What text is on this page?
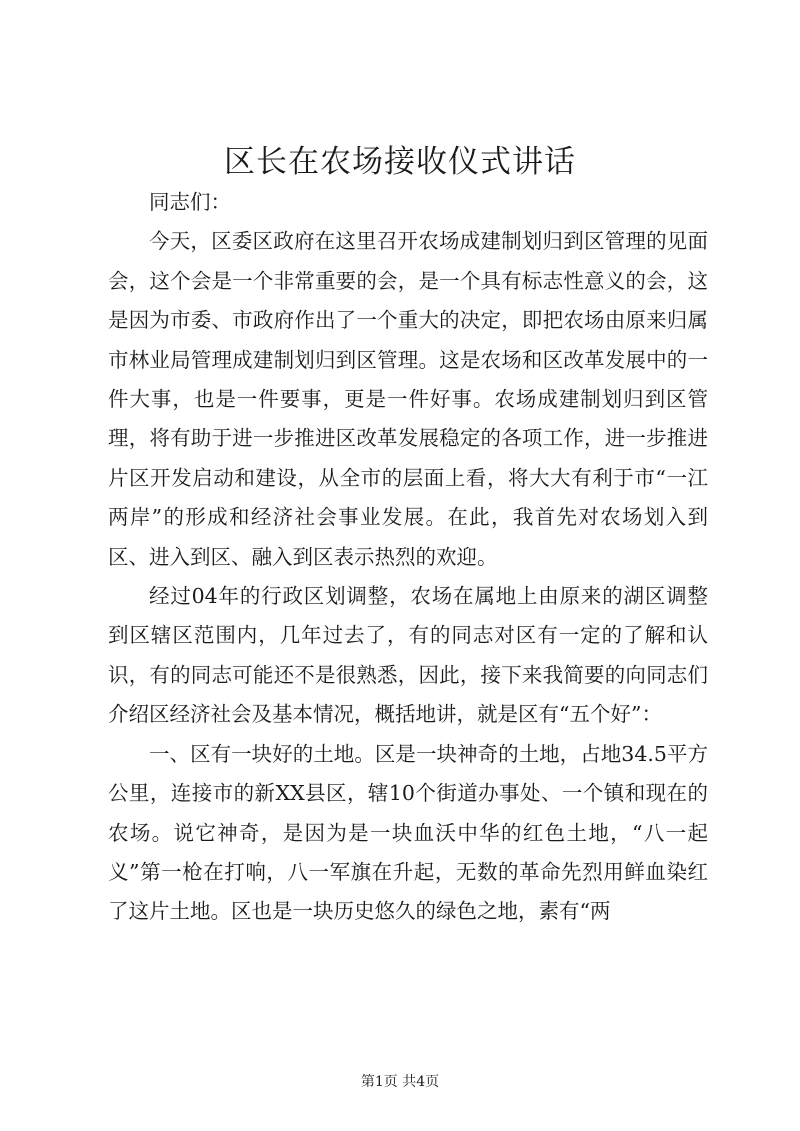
区长在农场接收仪式讲话

同志们：

今天，区委区政府在这里召开农场成建制划归到区管理的见面会，这个会是一个非常重要的会，是一个具有标志性意义的会，这是因为市委、市政府作出了一个重大的决定，即把农场由原来归属市林业局管理成建制划归到区管理。这是农场和区改革发展中的一件大事，也是一件要事，更是一件好事。农场成建制划归到区管理，将有助于进一步推进区改革发展稳定的各项工作，进一步推进片区开发启动和建设，从全市的层面上看，将大大有利于市“一江两岸”的形成和经济社会事业发展。在此，我首先对农场划入到区、进入到区、融入到区表示热烈的欢迎。

经过04年的行政区划调整，农场在属地上由原来的湖区调整到区辖区范围内，几年过去了，有的同志对区有一定的了解和认识，有的同志可能还不是很熟悉，因此，接下来我简要的向同志们介绍区经济社会及基本情况，概括地讲，就是区有“五个好”：

一、区有一块好的土地。区是一块神奇的土地，占地34.5平方公里，连接市的新XX县区，辖10个街道办事处、一个镇和现在的农场。说它神奇，是因为是一块血沃中华的红色土地，“八一起义”第一枪在打响，八一军旗在升起，无数的革命先烈用鲜血染红了这片土地。区也是一块历史悠久的绿色之地，素有“两

第1页 共4页
